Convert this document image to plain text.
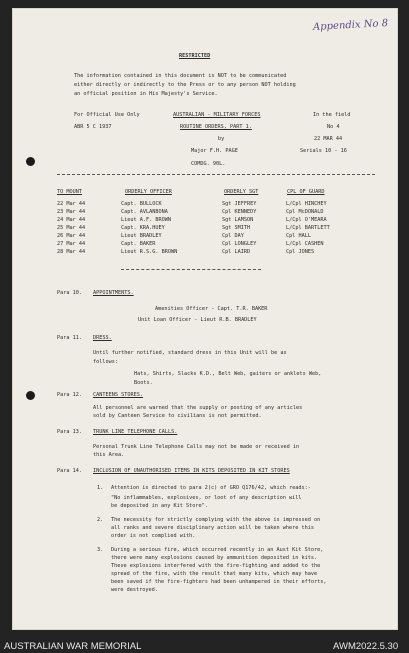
Appendix No 8
RESTRICTED
The information contained in this document is NOT to be communicated
either directly or indirectly to the Press or to any person NOT holding
an official position in His Majesty's Service.
For Official Use Only	AUSTRALIAN - MILITARY FORCES	In the field
ABR 5 C 1937	ROUTINE ORDERS, PART 1.	No 4
by	22 MAR 44
Major F.H. PAGE	Serials 10 - 16
COMDG. 90L.
TO MOUNT	ORDERLY OFFICER	ORDERLY SGT	CPL OF GUARD
22 Mar 44	Capt. BULLOCK	Sgt JEFFREY	L/Cpl HINCHEY
23 Mar 44	Capt. AVLANBONA	Cpl KENNEDY	Cpl McDONALD
24 Mar 44	Lieut A.F. BROWN	Sgt LAMSON	L/Cpl O'MEARA
25 Mar 44	Capt. KRA.HUEY	Sgt SMITH	L/Cpl BARTLETT
26 Mar 44	Lieut BRADLEY	Cpl DAY	Cpl HALL
27 Mar 44	Capt. BAKER	Cpl LONGLEY	L/Cpl CASHEN
28 Mar 44	Lieut R.S.G. BROWN	Cpl LAIRD	Cpl JONES
Para 10. APPOINTMENTS.
Amenities Officer - Capt. T.R. BAKER
Unit Loan Officer - Lieut R.B. BRADLEY
Para 11. DRESS.
Until further notified, standard dress in this Unit will be as
follows:
Hats, Shirts, Slacks K.D., Belt Web, gaiters or anklets Web,
Boots.
Para 12. CANTEENS STORES.
All personnel are warned that the supply or posting of any articles
sold by Canteen Service to civilians is not permitted.
Para 13. TRUNK LINE TELEPHONE CALLS.
Personal Trunk Line Telephone Calls may not be made or received in
this Area.
Para 14. INCLUSION OF UNAUTHORISED ITEMS IN KITS DEPOSITED IN KIT STORES
1. Attention is directed to para 2(c) of GRO Q176/42, which reads:-
"No inflammables, explosives, or loot of any description will
be deposited in any Kit Store".
2. The necessity for strictly complying with the above is impressed on
all ranks and severe disciplinary action will be taken where this
order is not complied with.
3. During a serious fire, which occurred recently in an Aust Kit Store,
there were many explosions caused by ammunition deposited in kits.
These explosions interfered with the fire-fighting and added to the
spread of the fire, with the result that many kits, which may have
been saved if the fire-fighters had been unhampered in their efforts,
were destroyed.
AUSTRALIAN WAR MEMORIAL	AWM2022.5.30
